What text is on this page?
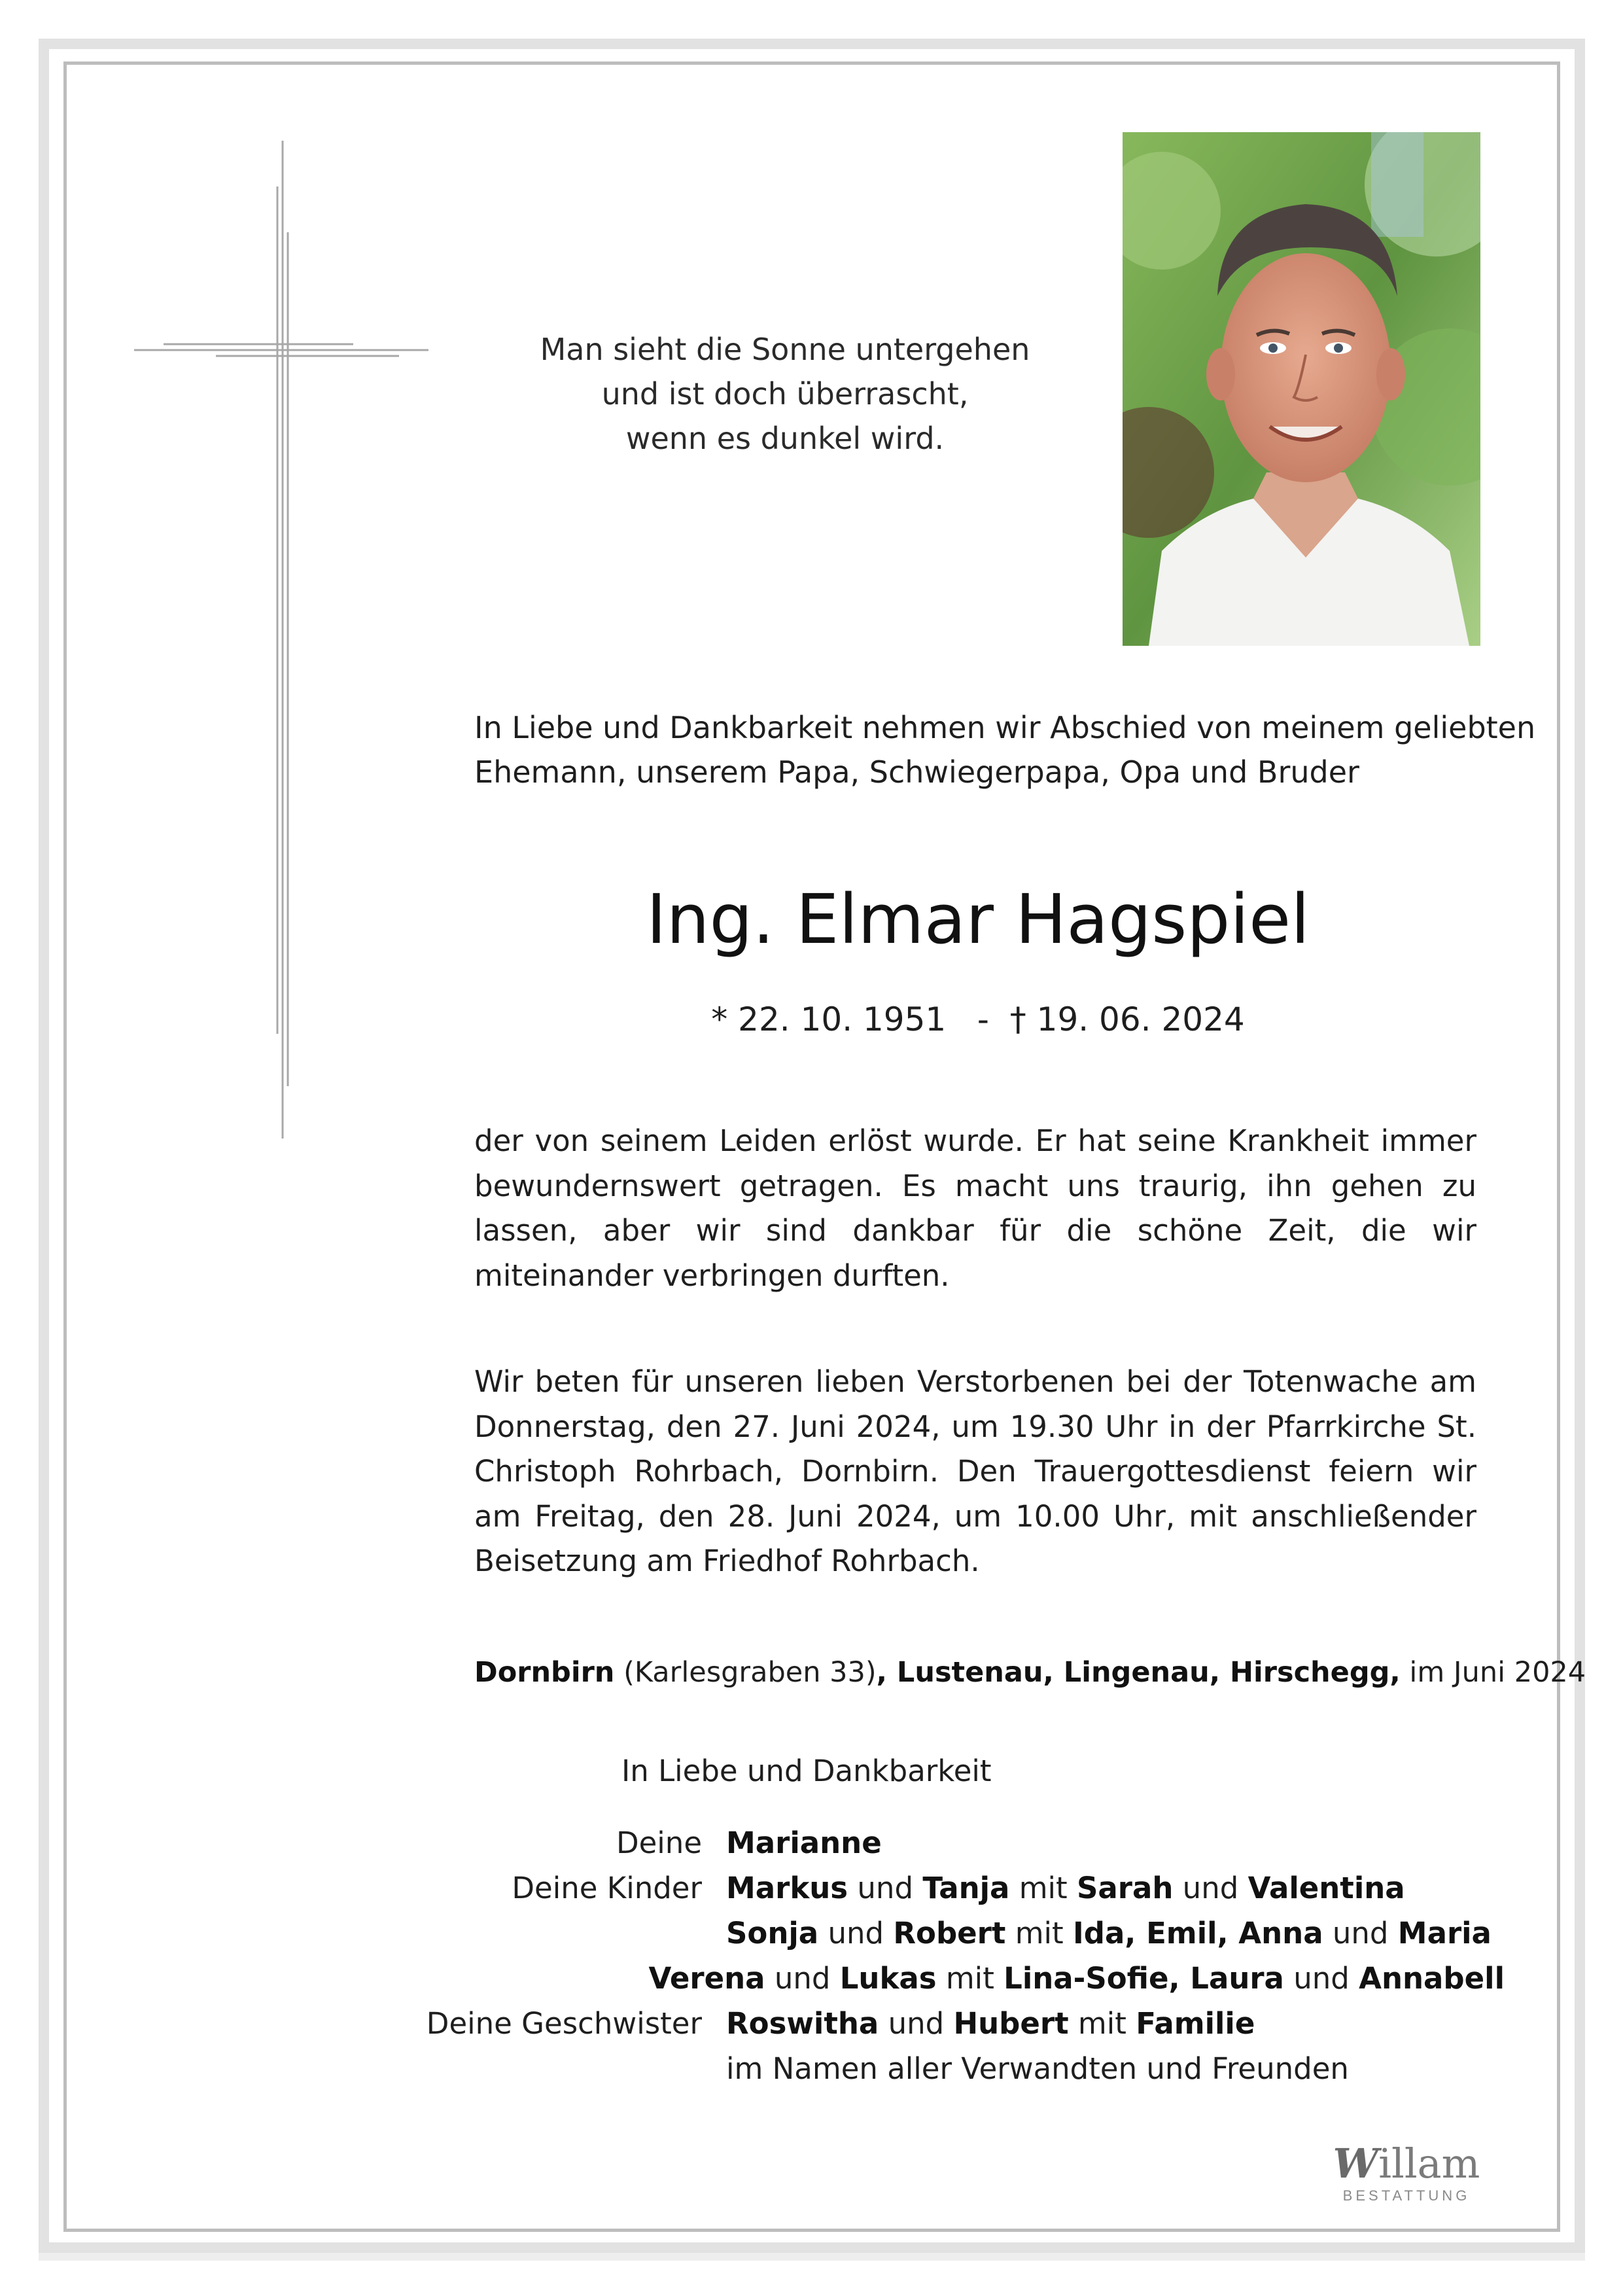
Man sieht die Sonne untergehen
und ist doch überrascht,
wenn es dunkel wird.
In Liebe und Dankbarkeit nehmen wir Abschied von meinem geliebten
Ehemann, unserem Papa, Schwiegerpapa, Opa und Bruder
Ing. Elmar Hagspiel
* 22. 10. 1951   -  † 19. 06. 2024
der von seinem Leiden erlöst wurde. Er hat seine Krankheit immer bewundernswert getragen. Es macht uns traurig, ihn gehen zu lassen, aber wir sind dankbar für die schöne Zeit, die wir miteinander verbringen durften.
Wir beten für unseren lieben Verstorbenen bei der Totenwache am Donnerstag, den 27. Juni 2024, um 19.30 Uhr in der Pfarrkirche St. Christoph Rohrbach, Dornbirn. Den Trauergottesdienst feiern wir am Freitag, den 28. Juni 2024, um 10.00 Uhr, mit anschließender Beisetzung am Friedhof Rohrbach.
Dornbirn (Karlesgraben 33), Lustenau, Lingenau, Hirschegg, im Juni 2024
In Liebe und Dankbarkeit
Deine Marianne
Deine Kinder Markus und Tanja mit Sarah und Valentina
Sonja und Robert mit Ida, Emil, Anna und Maria
Verena und Lukas mit Lina-Sofie, Laura und Annabell
Deine Geschwister Roswitha und Hubert mit Familie
im Namen aller Verwandten und Freunden
Willam
BESTATTUNG
